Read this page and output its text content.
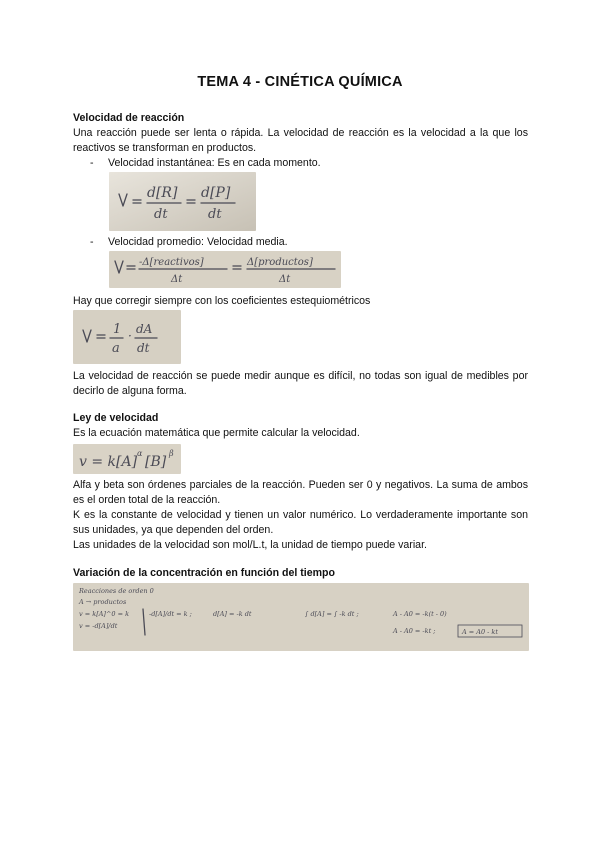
TEMA 4 - CINÉTICA QUÍMICA
Velocidad de reacción
Una reacción puede ser lenta o rápida. La velocidad de reacción es la velocidad a la que los reactivos se transforman en productos.
- Velocidad instantánea: Es en cada momento.
d[R]
dt
d[P]
dt
- Velocidad promedio: Velocidad media.
-Δ[reactivos]
Δt
Δ[productos]
Δt
Hay que corregir siempre con los coeficientes estequiométricos
1
a
· dA
dt
La velocidad de reacción se puede medir aunque es difícil, no todas son igual de medibles por decirlo de alguna forma.
Ley de velocidad
Es la ecuación matemática que permite calcular la velocidad.
v = k[A]
α
[B]
β
Alfa y beta son órdenes parciales de la reacción. Pueden ser 0 y negativos. La suma de ambos es el orden total de la reacción.
K es la constante de velocidad y tienen un valor numérico. Lo verdaderamente importante son sus unidades, ya que dependen del orden.
Las unidades de la velocidad son mol/L.t, la unidad de tiempo puede variar.
Variación de la concentración en función del tiempo
Reacciones de orden 0
A → productos
v = k[A]^0 = k
v = -d[A]/dt
-d[A]/dt = k ;	d[A] = -k dt	∫ d[A] = ∫ -k dt ;	A - A0 = -k(t - 0)
A - A0 = -kt ;	A = A0 - kt
